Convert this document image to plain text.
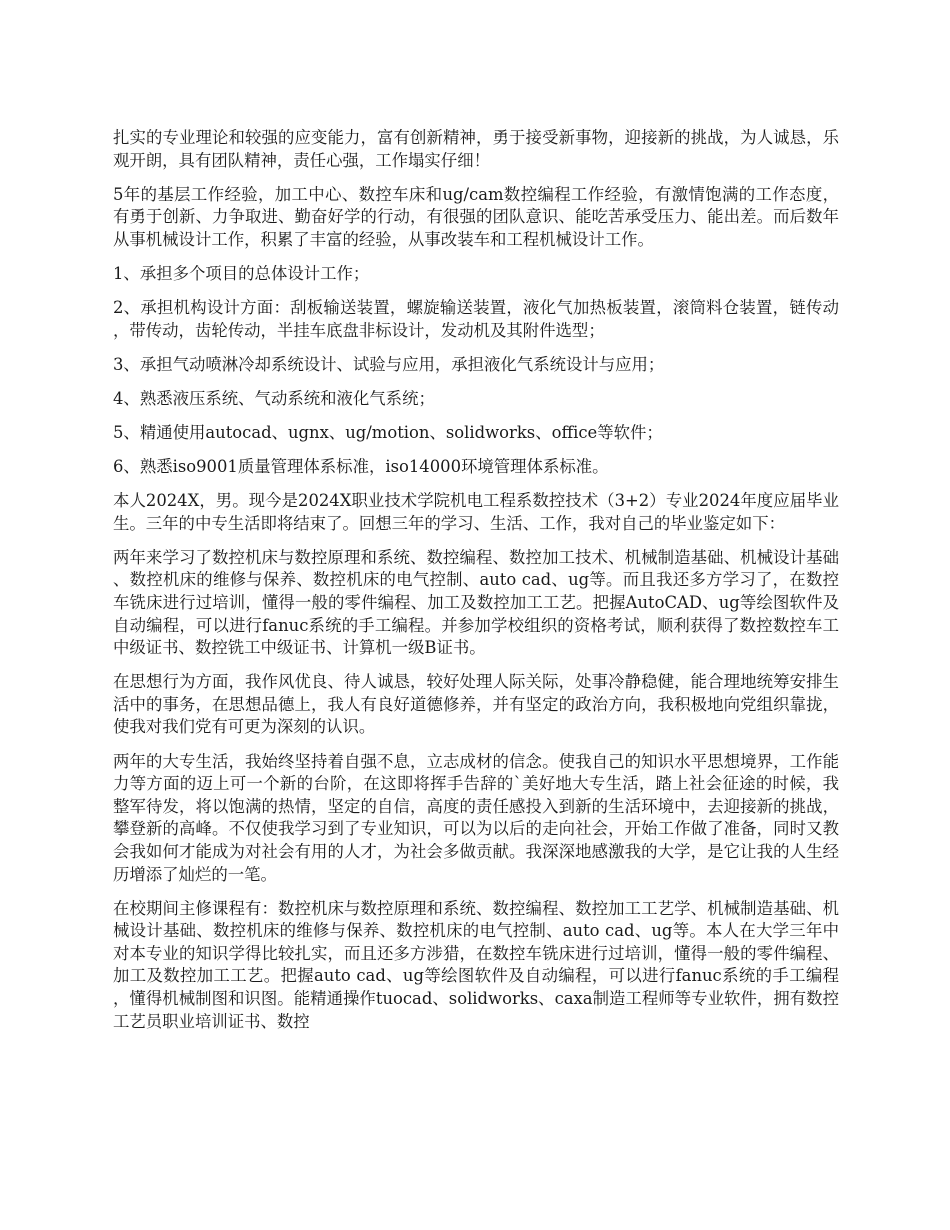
扎实的专业理论和较强的应变能力，富有创新精神，勇于接受新事物，迎接新的挑战，为人诚恳，乐观开朗，具有团队精神，责任心强，工作塌实仔细！

5年的基层工作经验，加工中心、数控车床和ug/cam数控编程工作经验，有激情饱满的工作态度，有勇于创新、力争取进、勤奋好学的行动，有很强的团队意识、能吃苦承受压力、能出差。而后数年从事机械设计工作，积累了丰富的经验，从事改装车和工程机械设计工作。

1、承担多个项目的总体设计工作；

2、承担机构设计方面：刮板输送装置，螺旋输送装置，液化气加热板装置，滚筒料仓装置，链传动，带传动，齿轮传动，半挂车底盘非标设计，发动机及其附件选型；

3、承担气动喷淋冷却系统设计、试验与应用，承担液化气系统设计与应用；

4、熟悉液压系统、气动系统和液化气系统；

5、精通使用autocad、ugnx、ug/motion、solidworks、office等软件；

6、熟悉iso9001质量管理体系标准，iso14000环境管理体系标准。

本人2024X，男。现今是2024X职业技术学院机电工程系数控技术（3+2）专业2024年度应届毕业生。三年的中专生活即将结束了。回想三年的学习、生活、工作，我对自己的毕业鉴定如下：

两年来学习了数控机床与数控原理和系统、数控编程、数控加工技术、机械制造基础、机械设计基础、数控机床的维修与保养、数控机床的电气控制、auto cad、ug等。而且我还多方学习了，在数控车铣床进行过培训，懂得一般的零件编程、加工及数控加工工艺。把握AutoCAD、ug等绘图软件及自动编程，可以进行fanuc系统的手工编程。并参加学校组织的资格考试，顺利获得了数控数控车工中级证书、数控铣工中级证书、计算机一级B证书。

在思想行为方面，我作风优良、待人诚恳，较好处理人际关际，处事冷静稳健，能合理地统筹安排生活中的事务，在思想品德上，我人有良好道德修养，并有坚定的政治方向，我积极地向党组织靠拢，使我对我们党有可更为深刻的认识。

两年的大专生活，我始终坚持着自强不息，立志成材的信念。使我自己的知识水平思想境界，工作能力等方面的迈上可一个新的台阶，在这即将挥手告辞的`美好地大专生活，踏上社会征途的时候，我整军待发，将以饱满的热情，坚定的自信，高度的责任感投入到新的生活环境中，去迎接新的挑战，攀登新的高峰。不仅使我学习到了专业知识，可以为以后的走向社会，开始工作做了准备，同时又教会我如何才能成为对社会有用的人才，为社会多做贡献。我深深地感激我的大学，是它让我的人生经历增添了灿烂的一笔。

在校期间主修课程有：数控机床与数控原理和系统、数控编程、数控加工工艺学、机械制造基础、机械设计基础、数控机床的维修与保养、数控机床的电气控制、auto cad、ug等。本人在大学三年中对本专业的知识学得比较扎实，而且还多方涉猎，在数控车铣床进行过培训，懂得一般的零件编程、加工及数控加工工艺。把握auto cad、ug等绘图软件及自动编程，可以进行fanuc系统的手工编程，懂得机械制图和识图。能精通操作tuocad、solidworks、caxa制造工程师等专业软件，拥有数控工艺员职业培训证书、数控
